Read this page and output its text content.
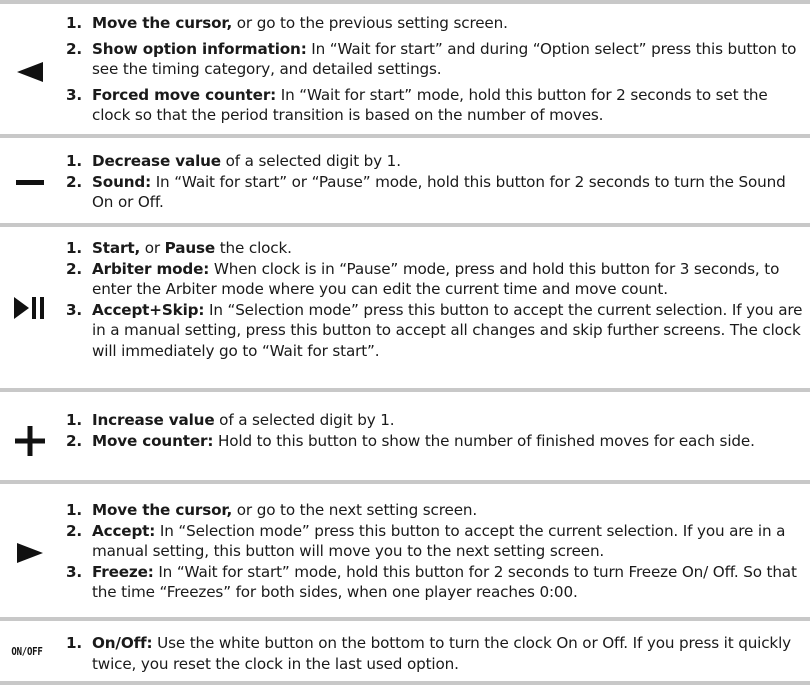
1. Move the cursor, or go to the previous setting screen.
2. Show option information: In “Wait for start” and during “Option select” press this button to see the timing category, and detailed settings.
3. Forced move counter: In “Wait for start” mode, hold this button for 2 seconds to set the clock so that the period transition is based on the number of moves.
1. Decrease value of a selected digit by 1.
2. Sound: In “Wait for start” or “Pause” mode, hold this button for 2 seconds to turn the Sound On or Off.
1. Start, or Pause the clock.
2. Arbiter mode: When clock is in “Pause” mode, press and hold this button for 3 seconds, to enter the Arbiter mode where you can edit the current time and move count.
3. Accept+Skip: In “Selection mode” press this button to accept the current selection. If you are in a manual setting, press this button to accept all changes and skip further screens. The clock will immediately go to “Wait for start”.
1. Increase value of a selected digit by 1.
2. Move counter: Hold to this button to show the number of finished moves for each side.
1. Move the cursor, or go to the next setting screen.
2. Accept: In “Selection mode” press this button to accept the current selection. If you are in a manual setting, this button will move you to the next setting screen.
3. Freeze: In “Wait for start” mode, hold this button for 2 seconds to turn Freeze On/ Off. So that the time “Freezes” for both sides, when one player reaches 0:00.
ON/OFF 1. On/Off: Use the white button on the bottom to turn the clock On or Off. If you press it quickly twice, you reset the clock in the last used option.
